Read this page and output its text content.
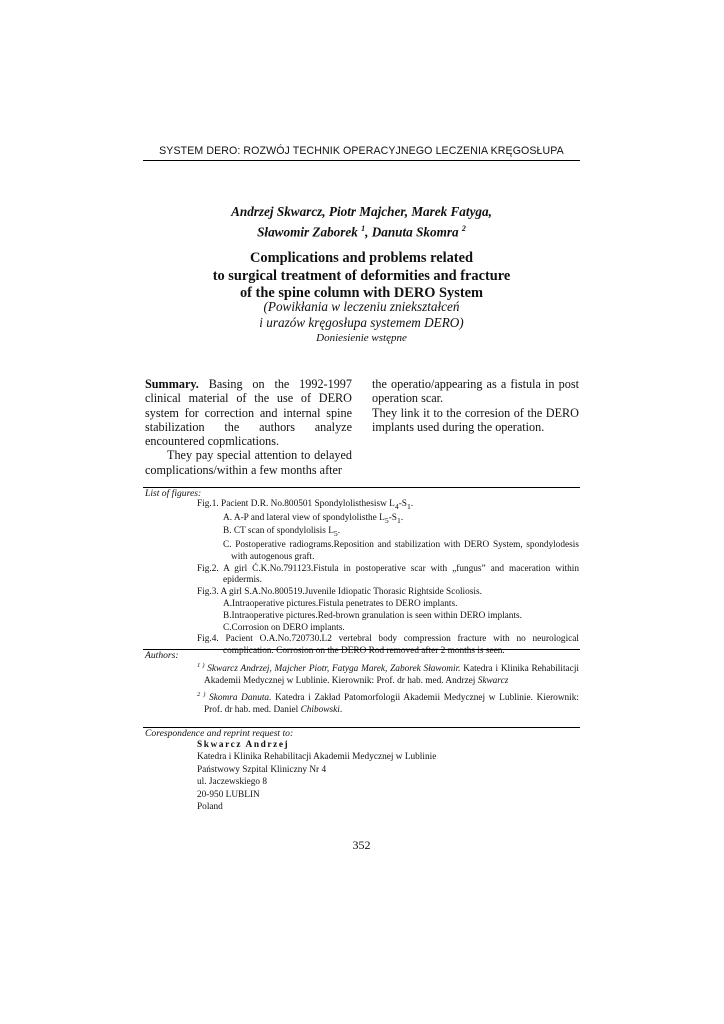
SYSTEM DERO: ROZWÓJ TECHNIK OPERACYJNEGO LECZENIA KRĘGOSŁUPA
Andrzej Skwarcz, Piotr Majcher, Marek Fatyga,
Sławomir Zaborek $^1$, Danuta Skomra $^2$
Complications and problems related
to surgical treatment of deformities and fracture
of the spine column with DERO System
(Powikłania w leczeniu zniekształceń
i urazów kręgosłupa systemem DERO)
Doniesienie wstępne

Summary. Basing on the 1992-1997 clinical material of the use of DERO system for correction and internal spine stabilization the authors analyze encountered copmlications.

They pay special attention to delayed complications/within a few months after

the operatio/appearing as a fistula in post operation scar.

They link it to the corresion of the DERO implants used during the operation.

List of figures:
Fig.1. Pacient D.R. No.800501 Spondylolisthesisw $L_4-S_1$.
A. A-P and lateral view of spondylolisthe $L_5-S_1$.
B. CT scan of spondylolisis $L_5$.
C. Postoperative radiograms.Reposition and stabilization with DERO System, spondylodesis with autogenous graft.
Fig.2. A girl Ć.K.No.791123.Fistula in postoperative scar with „fungus” and maceration within epidermis.
Fig.3. A girl S.A.No.800519.Juvenile Idiopatic Thorasic Rightside Scoliosis.
A.Intraoperative pictures.Fistula penetrates to DERO implants.
B.Intraoperative pictures.Red-brown granulation is seen within DERO implants.
C.Corrosion on DERO implants.
Fig.4. Pacient O.A.No.720730.L2 vertebral body compression fracture with no neurological complication. Corrosion on the DERO Rod removed after 2 months is seen.
Authors:
$^{1 )}$ Skwarcz Andrzej, Majcher Piotr, Fatyga Marek, Zaborek Sławomir. Katedra i Klinika Rehabilitacji Akademii Medycznej w Lublinie. Kierownik: Prof. dr hab. med. Andrzej Skwarcz
$^{2 )}$ Skomra Danuta. Katedra i Zakład Patomorfologii Akademii Medycznej w Lublinie. Kierownik: Prof. dr hab. med. Daniel Chibowski.
Corespondence and reprint request to:
Skwarcz Andrzej
Katedra i Klinika Rehabilitacji Akademii Medycznej w Lublinie
Państwowy Szpital Kliniczny Nr 4
ul. Jaczewskiego 8
20-950 LUBLIN
Poland
352
